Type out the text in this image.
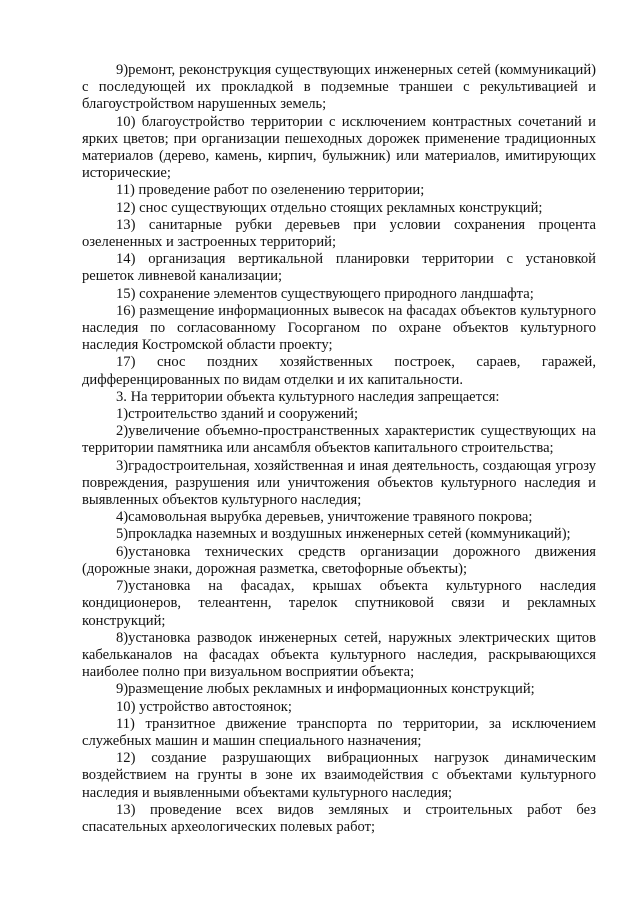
9)ремонт, реконструкция существующих инженерных сетей (коммуникаций) с последующей их прокладкой в подземные траншеи с рекультивацией и благоустройством нарушенных земель;

10) благоустройство территории с исключением контрастных сочетаний и ярких цветов; при организации пешеходных дорожек применение традиционных материалов (дерево, камень, кирпич, булыжник) или материалов, имитирующих исторические;

11) проведение работ по озеленению территории;

12) снос существующих отдельно стоящих рекламных конструкций;

13) санитарные рубки деревьев при условии сохранения процента озелененных и застроенных территорий;

14) организация вертикальной планировки территории с установкой решеток ливневой канализации;

15) сохранение элементов существующего природного ландшафта;

16) размещение информационных вывесок на фасадах объектов культурного наследия по согласованному Госорганом по охране объектов культурного наследия Костромской области проекту;

17) снос поздних хозяйственных построек, сараев, гаражей, дифференцированных по видам отделки и их капитальности.

3. На территории объекта культурного наследия запрещается:

1)строительство зданий и сооружений;

2)увеличение объемно-пространственных характеристик существующих на территории памятника или ансамбля объектов капитального строительства;

3)градостроительная, хозяйственная и иная деятельность, создающая угрозу повреждения, разрушения или уничтожения объектов культурного наследия и выявленных объектов культурного наследия;

4)самовольная вырубка деревьев, уничтожение травяного покрова;

5)прокладка наземных и воздушных инженерных сетей (коммуникаций);

6)установка технических средств организации дорожного движения (дорожные знаки, дорожная разметка, светофорные объекты);

7)установка на фасадах, крышах объекта культурного наследия кондиционеров, телеантенн, тарелок спутниковой связи и рекламных конструкций;

8)установка разводок инженерных сетей, наружных электрических щитов кабельканалов на фасадах объекта культурного наследия, раскрывающихся наиболее полно при визуальном восприятии объекта;

9)размещение любых рекламных и информационных конструкций;

10) устройство автостоянок;

11) транзитное движение транспорта по территории, за исключением служебных машин и машин специального назначения;

12) создание разрушающих вибрационных нагрузок динамическим воздействием на грунты в зоне их взаимодействия с объектами культурного наследия и выявленными объектами культурного наследия;

13) проведение всех видов земляных и строительных работ без спасательных археологических полевых работ;
